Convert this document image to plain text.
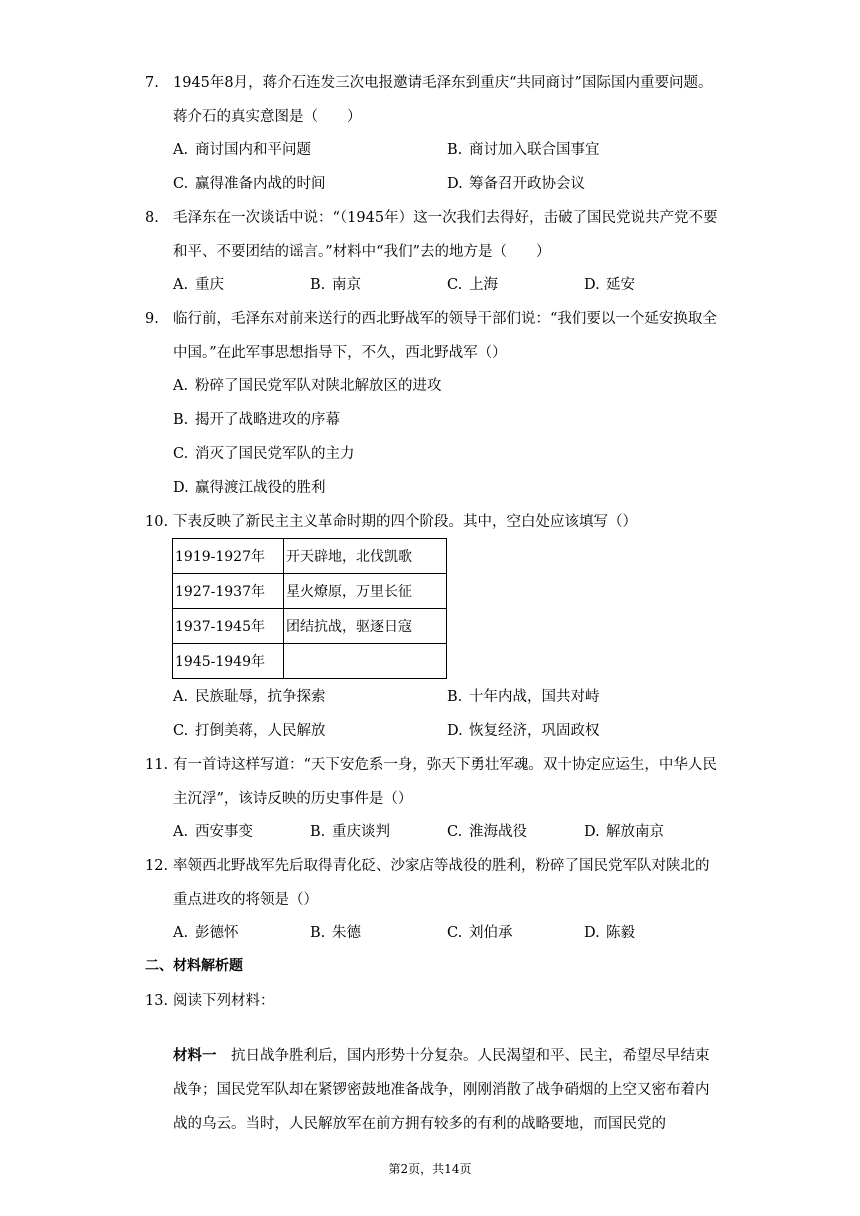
7. 1945年8月，蒋介石连发三次电报邀请毛泽东到重庆“共同商讨”国际国内重要问题。蒋介石的真实意图是（　　）
A. 商讨国内和平问题	B. 商讨加入联合国事宜
C. 赢得准备内战的时间	D. 筹备召开政协会议
8. 毛泽东在一次谈话中说：“（1945年）这一次我们去得好，击破了国民党说共产党不要和平、不要团结的谣言。”材料中“我们”去的地方是（　　）
A. 重庆	B. 南京	C. 上海	D. 延安
9. 临行前，毛泽东对前来送行的西北野战军的领导干部们说：“我们要以一个延安换取全中国。”在此军事思想指导下，不久，西北野战军（）
A. 粉碎了国民党军队对陕北解放区的进攻
B. 揭开了战略进攻的序幕
C. 消灭了国民党军队的主力
D. 赢得渡江战役的胜利
10. 下表反映了新民主主义革命时期的四个阶段。其中，空白处应该填写（）
1919-1927年	开天辟地，北伐凯歌
1927-1937年	星火燎原，万里长征
1937-1945年	团结抗战，驱逐日寇
1945-1949年	
A. 民族耻辱，抗争探索	B. 十年内战，国共对峙
C. 打倒美蒋，人民解放	D. 恢复经济，巩固政权
11. 有一首诗这样写道：“天下安危系一身，弥天下勇壮军魂。双十协定应运生，中华人民主沉浮”，该诗反映的历史事件是（）
A. 西安事变	B. 重庆谈判	C. 淮海战役	D. 解放南京
12. 率领西北野战军先后取得青化砭、沙家店等战役的胜利，粉碎了国民党军队对陕北的重点进攻的将领是（）
A. 彭德怀	B. 朱德	C. 刘伯承	D. 陈毅
二、材料解析题
13. 阅读下列材料：
材料一　 抗日战争胜利后，国内形势十分复杂。人民渴望和平、民主，希望尽早结束战争；国民党军队却在紧锣密鼓地准备战争，刚刚消散了战争硝烟的上空又密布着内战的乌云。当时，人民解放军在前方拥有较多的有利的战略要地，而国民党的
第2页，共14页
